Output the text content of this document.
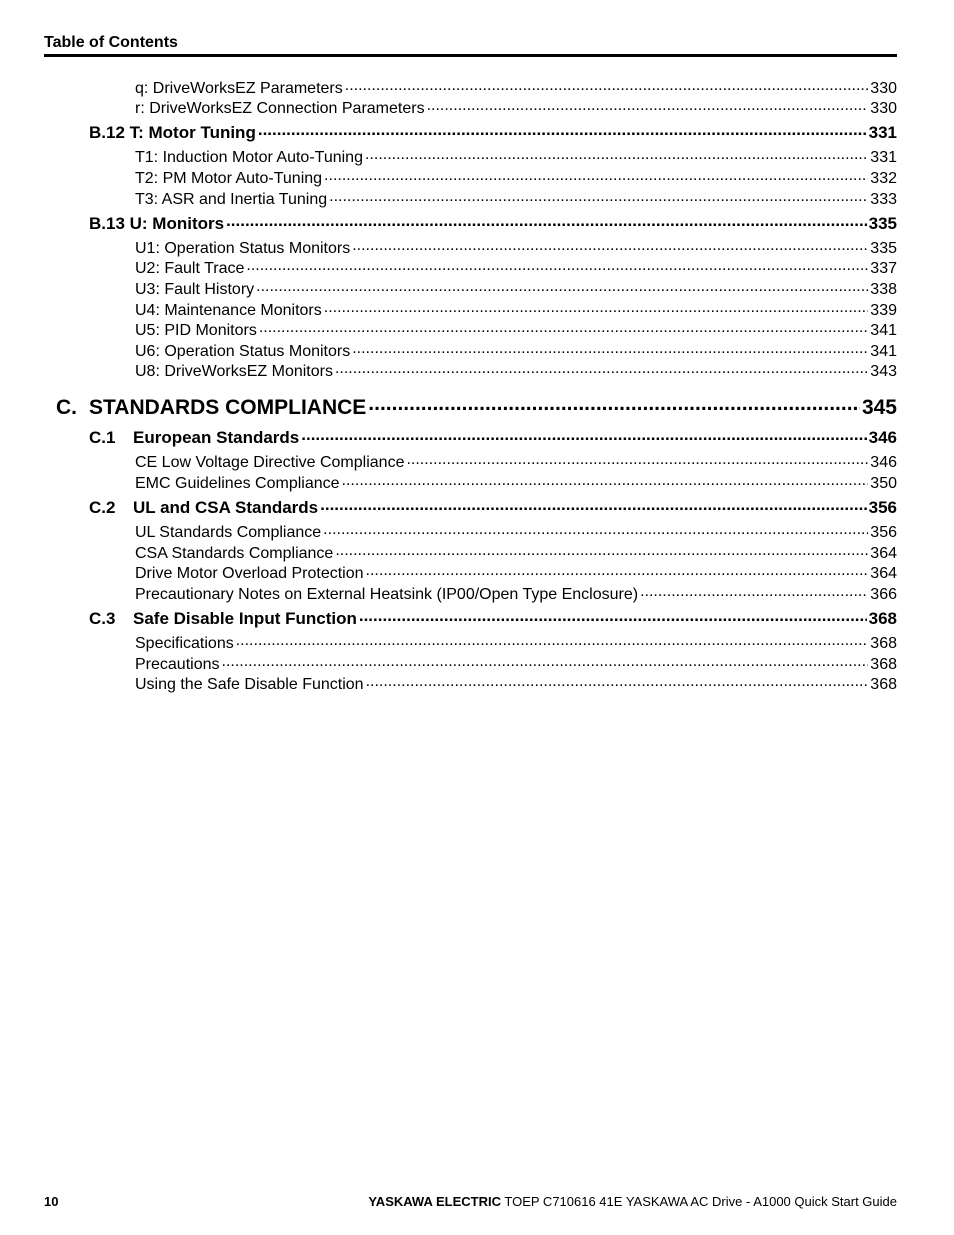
Table of Contents
q: DriveWorksEZ Parameters .....	330
r: DriveWorksEZ Connection Parameters .....	330
B.12 T: Motor Tuning .....	331
T1: Induction Motor Auto-Tuning .....	331
T2: PM Motor Auto-Tuning .....	332
T3: ASR and Inertia Tuning .....	333
B.13 U: Monitors .....	335
U1: Operation Status Monitors .....	335
U2: Fault Trace .....	337
U3: Fault History .....	338
U4: Maintenance Monitors .....	339
U5: PID Monitors .....	341
U6: Operation Status Monitors .....	341
U8: DriveWorksEZ Monitors .....	343
C. STANDARDS COMPLIANCE .....	345
C.1 European Standards .....	346
CE Low Voltage Directive Compliance .....	346
EMC Guidelines Compliance .....	350
C.2 UL and CSA Standards .....	356
UL Standards Compliance .....	356
CSA Standards Compliance .....	364
Drive Motor Overload Protection .....	364
Precautionary Notes on External Heatsink (IP00/Open Type Enclosure) .....	366
C.3 Safe Disable Input Function .....	368
Specifications .....	368
Precautions .....	368
Using the Safe Disable Function .....	368
10	YASKAWA ELECTRIC TOEP C710616 41E YASKAWA AC Drive - A1000 Quick Start Guide
